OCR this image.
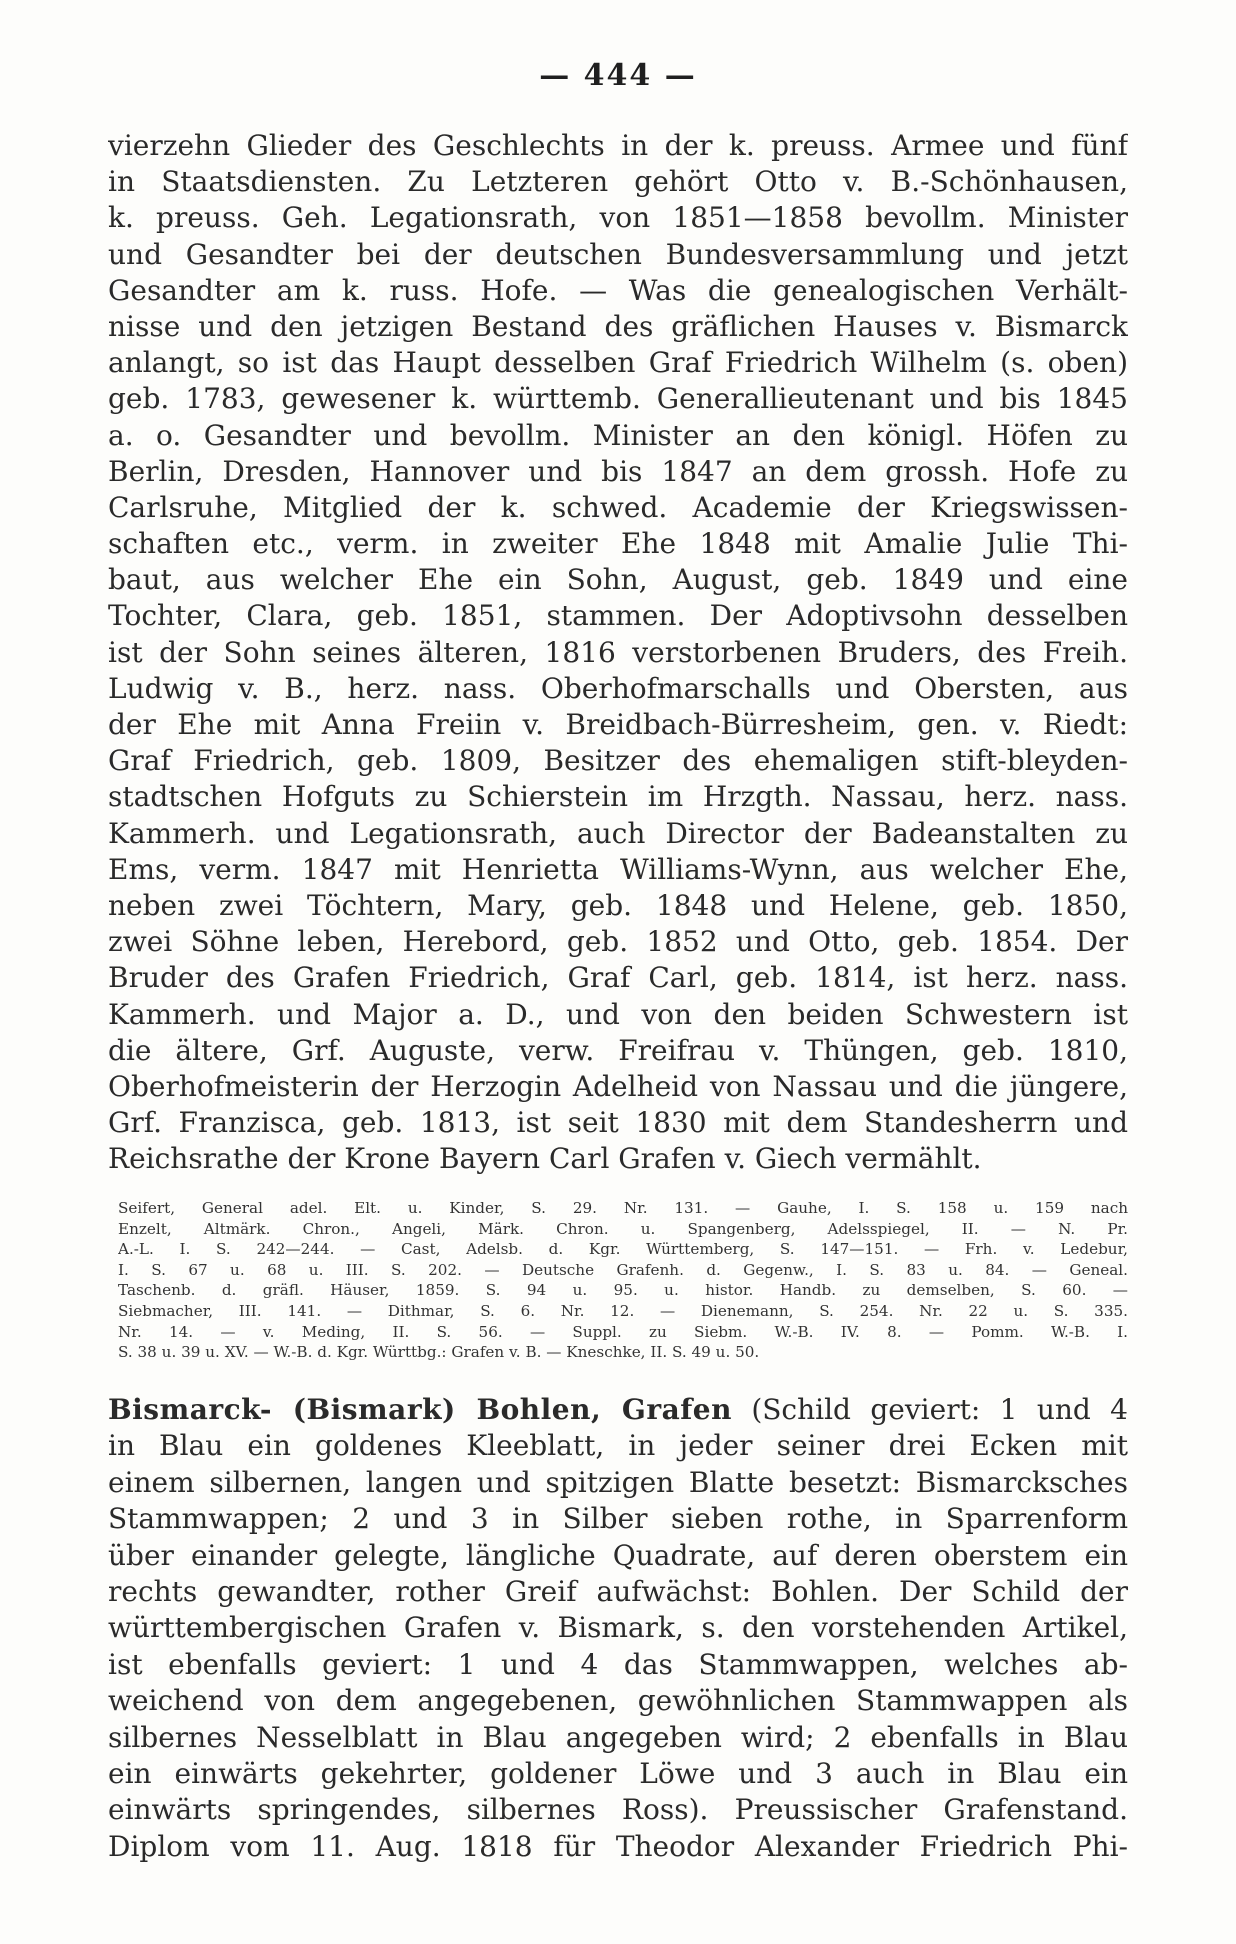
— 444 —
vierzehn Glieder des Geschlechts in der k. preuss. Armee und fünf
in Staatsdiensten. Zu Letzteren gehört Otto v. B.-Schönhausen,
k. preuss. Geh. Legationsrath, von 1851—1858 bevollm. Minister
und Gesandter bei der deutschen Bundesversammlung und jetzt
Gesandter am k. russ. Hofe. — Was die genealogischen Verhält-
nisse und den jetzigen Bestand des gräflichen Hauses v. Bismarck
anlangt, so ist das Haupt desselben Graf Friedrich Wilhelm (s. oben)
geb. 1783, gewesener k. württemb. Generallieutenant und bis 1845
a. o. Gesandter und bevollm. Minister an den königl. Höfen zu
Berlin, Dresden, Hannover und bis 1847 an dem grossh. Hofe zu
Carlsruhe, Mitglied der k. schwed. Academie der Kriegswissen-
schaften etc., verm. in zweiter Ehe 1848 mit Amalie Julie Thi-
baut, aus welcher Ehe ein Sohn, August, geb. 1849 und eine
Tochter, Clara, geb. 1851, stammen. Der Adoptivsohn desselben
ist der Sohn seines älteren, 1816 verstorbenen Bruders, des Freih.
Ludwig v. B., herz. nass. Oberhofmarschalls und Obersten, aus
der Ehe mit Anna Freiin v. Breidbach-Bürresheim, gen. v. Riedt:
Graf Friedrich, geb. 1809, Besitzer des ehemaligen stift-bleyden-
stadtschen Hofguts zu Schierstein im Hrzgth. Nassau, herz. nass.
Kammerh. und Legationsrath, auch Director der Badeanstalten zu
Ems, verm. 1847 mit Henrietta Williams-Wynn, aus welcher Ehe,
neben zwei Töchtern, Mary, geb. 1848 und Helene, geb. 1850,
zwei Söhne leben, Herebord, geb. 1852 und Otto, geb. 1854. Der
Bruder des Grafen Friedrich, Graf Carl, geb. 1814, ist herz. nass.
Kammerh. und Major a. D., und von den beiden Schwestern ist
die ältere, Grf. Auguste, verw. Freifrau v. Thüngen, geb. 1810,
Oberhofmeisterin der Herzogin Adelheid von Nassau und die jüngere,
Grf. Franzisca, geb. 1813, ist seit 1830 mit dem Standesherrn und
Reichsrathe der Krone Bayern Carl Grafen v. Giech vermählt.
Seifert, General adel. Elt. u. Kinder, S. 29. Nr. 131. — Gauhe, I. S. 158 u. 159 nach
Enzelt, Altmärk. Chron., Angeli, Märk. Chron. u. Spangenberg, Adelsspiegel, II. — N. Pr.
A.-L. I. S. 242—244. — Cast, Adelsb. d. Kgr. Württemberg, S. 147—151. — Frh. v. Ledebur,
I. S. 67 u. 68 u. III. S. 202. — Deutsche Grafenh. d. Gegenw., I. S. 83 u. 84. — Geneal.
Taschenb. d. gräfl. Häuser, 1859. S. 94 u. 95. u. histor. Handb. zu demselben, S. 60. —
Siebmacher, III. 141. — Dithmar, S. 6. Nr. 12. — Dienemann, S. 254. Nr. 22 u. S. 335.
Nr. 14. — v. Meding, II. S. 56. — Suppl. zu Siebm. W.-B. IV. 8. — Pomm. W.-B. I.
S. 38 u. 39 u. XV. — W.-B. d. Kgr. Württbg.: Grafen v. B. — Kneschke, II. S. 49 u. 50.
Bismarck- (Bismark) Bohlen, Grafen (Schild geviert: 1 und 4
in Blau ein goldenes Kleeblatt, in jeder seiner drei Ecken mit
einem silbernen, langen und spitzigen Blatte besetzt: Bismarcksches
Stammwappen; 2 und 3 in Silber sieben rothe, in Sparrenform
über einander gelegte, längliche Quadrate, auf deren oberstem ein
rechts gewandter, rother Greif aufwächst: Bohlen. Der Schild der
württembergischen Grafen v. Bismark, s. den vorstehenden Artikel,
ist ebenfalls geviert: 1 und 4 das Stammwappen, welches ab-
weichend von dem angegebenen, gewöhnlichen Stammwappen als
silbernes Nesselblatt in Blau angegeben wird; 2 ebenfalls in Blau
ein einwärts gekehrter, goldener Löwe und 3 auch in Blau ein
einwärts springendes, silbernes Ross). Preussischer Grafenstand.
Diplom vom 11. Aug. 1818 für Theodor Alexander Friedrich Phi-
